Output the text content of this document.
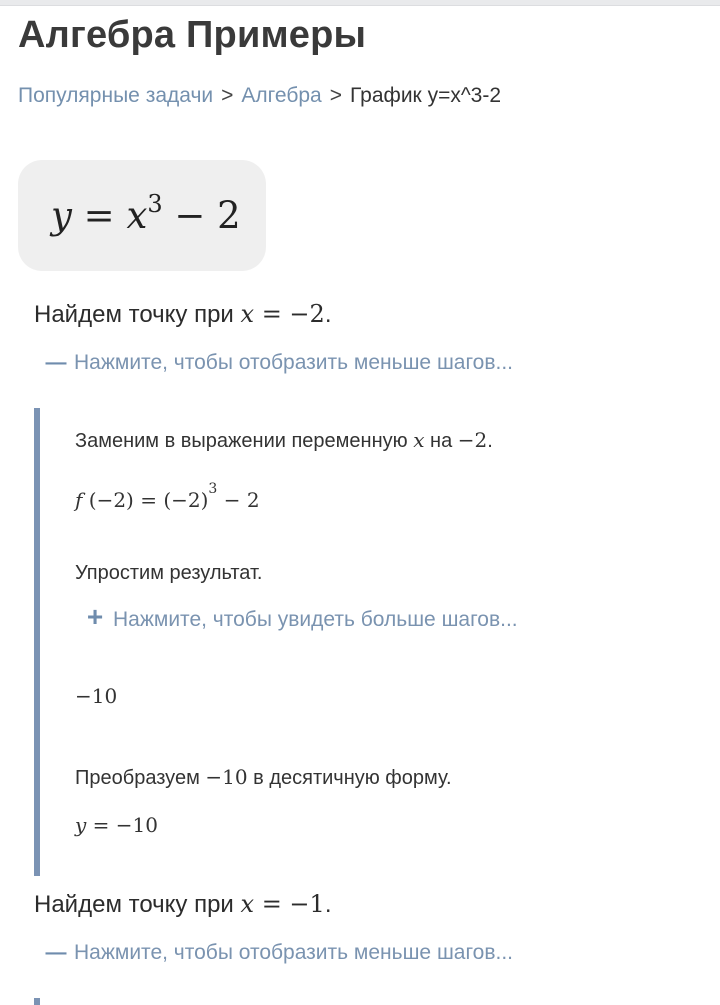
Алгебра Примеры
Популярные задачи > Алгебра > График y=x^3-2
$y = x^3 - 2$
Найдем точку при x = −2.
— Нажмите, чтобы отобразить меньше шагов...
Заменим в выражении переменную x на −2.
f $(-2) = (-2)^3 - 2$
Упростим результат.
+ Нажмите, чтобы увидеть больше шагов...
−10
Преобразуем −10 в десятичную форму.
y = −10
Найдем точку при x = −1.
— Нажмите, чтобы отобразить меньше шагов...
